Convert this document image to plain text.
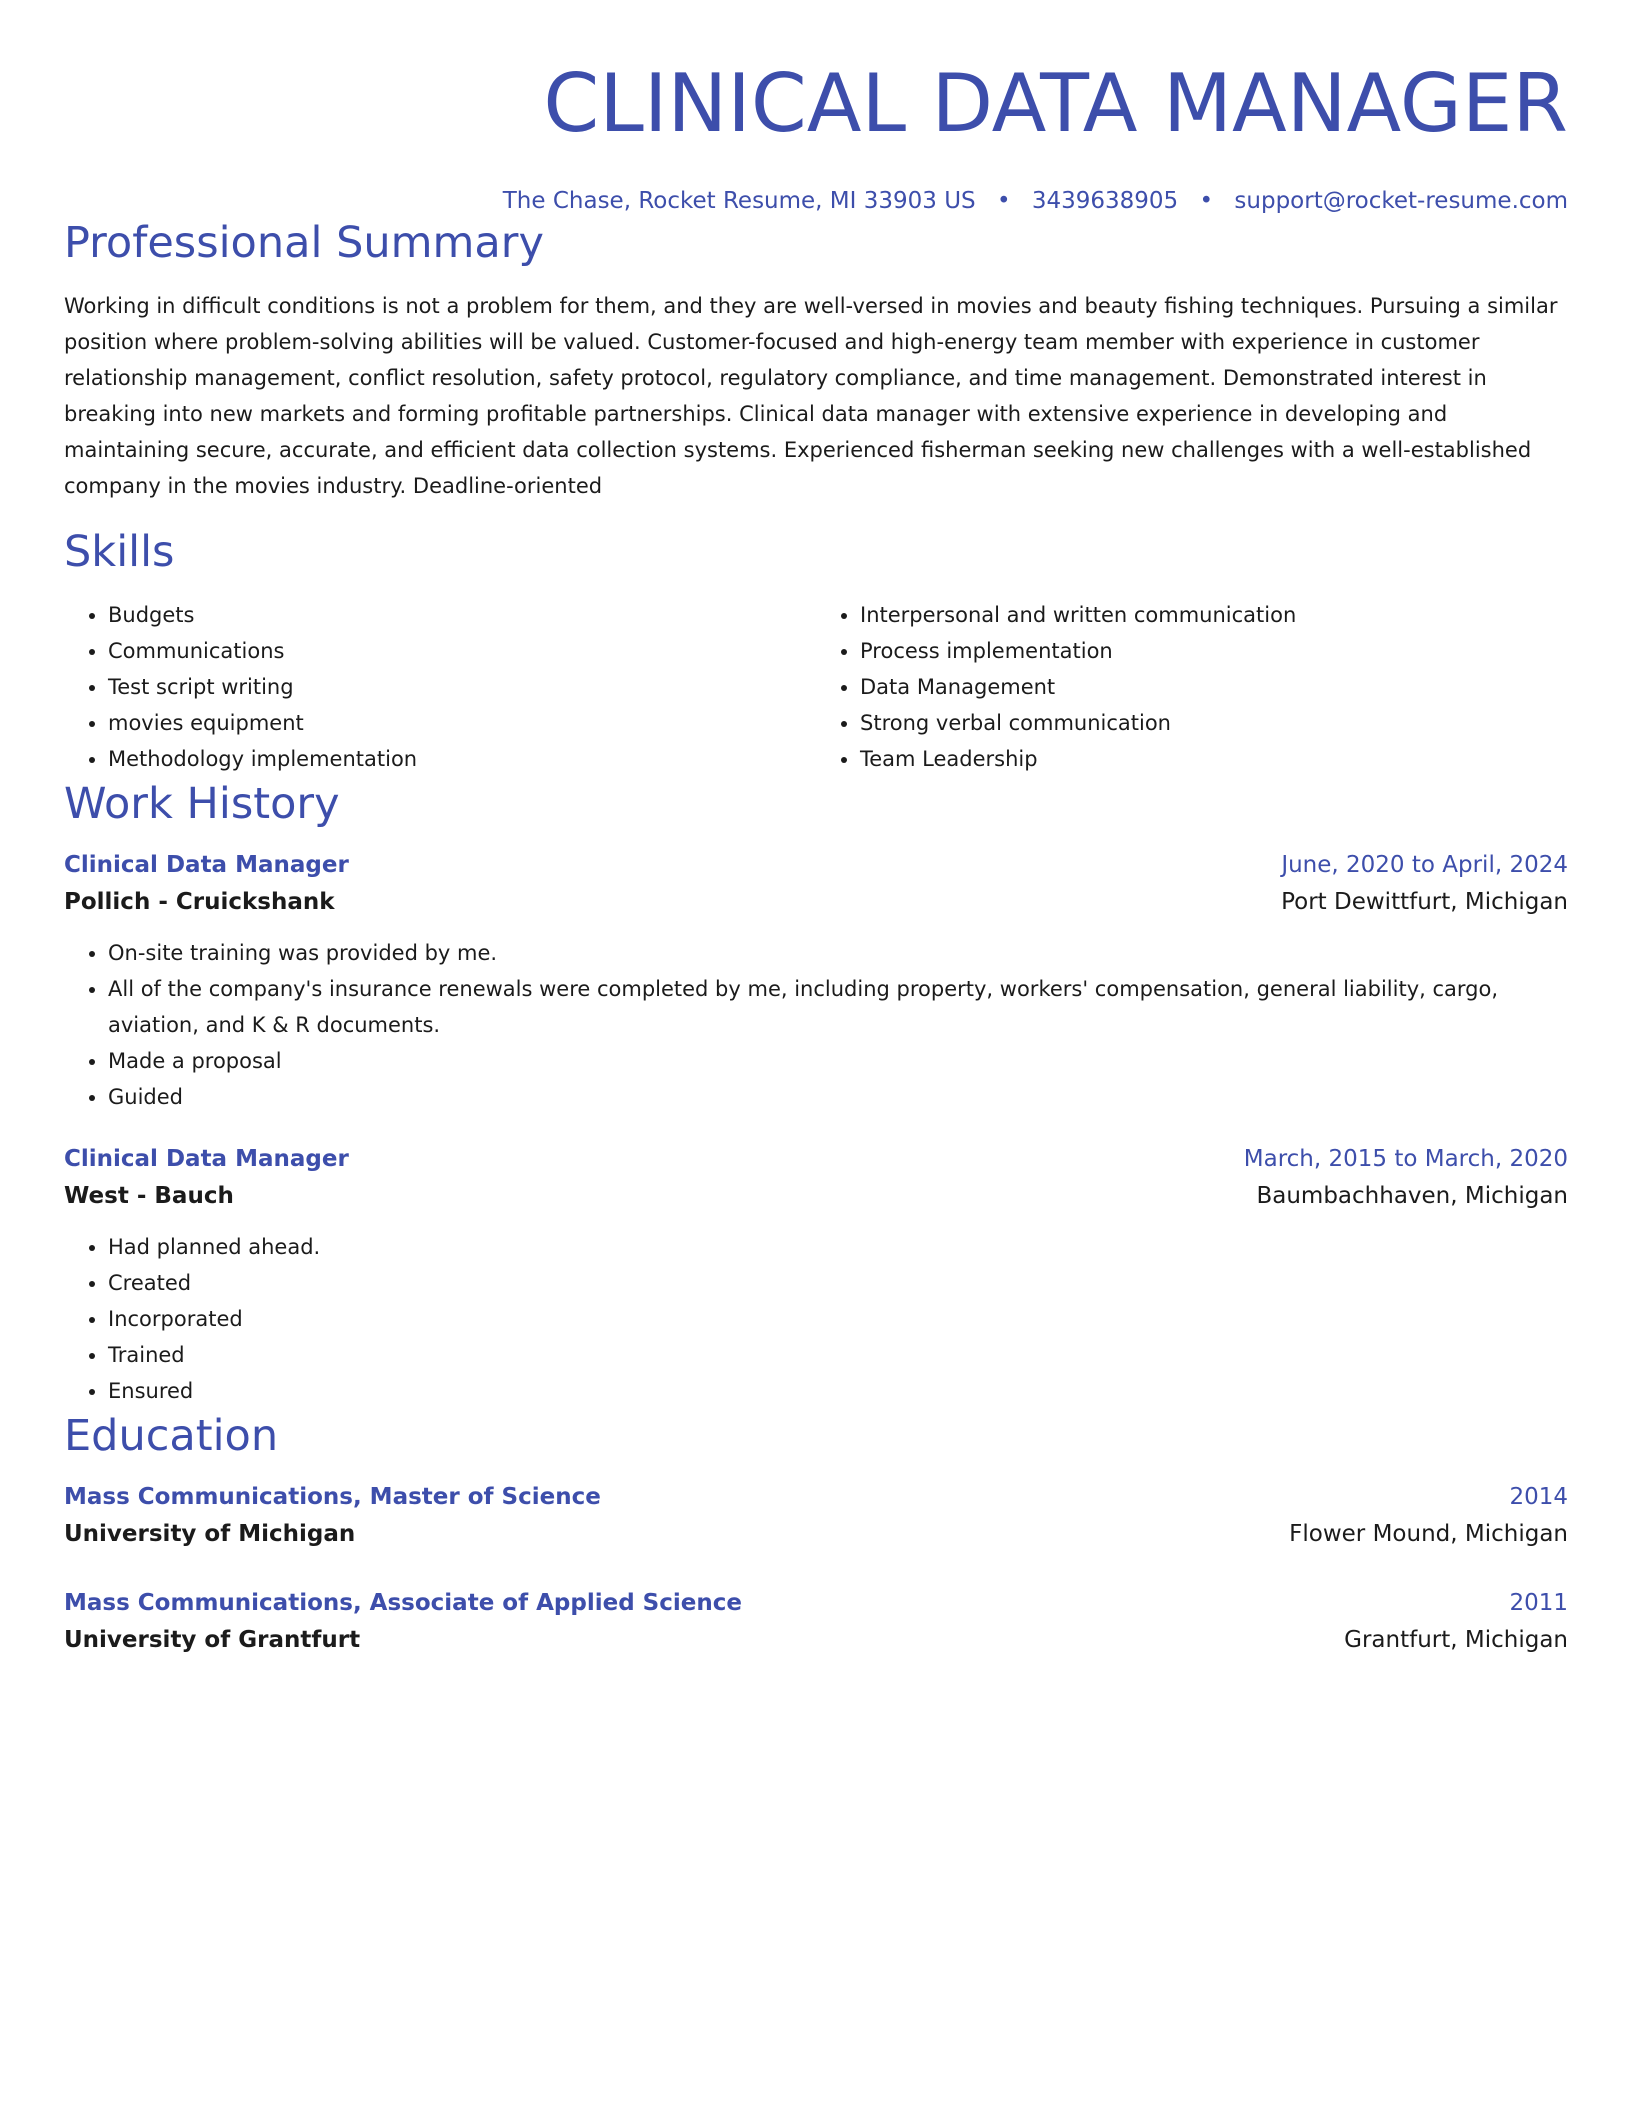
CLINICAL DATA MANAGER
The Chase, Rocket Resume, MI 33903 US • 3439638905 • support@rocket-resume.com
Professional Summary

Working in difficult conditions is not a problem for them, and they are well-versed in movies and beauty fishing techniques. Pursuing a similar position where problem-solving abilities will be valued. Customer-focused and high-energy team member with experience in customer relationship management, conflict resolution, safety protocol, regulatory compliance, and time management. Demonstrated interest in breaking into new markets and forming profitable partnerships. Clinical data manager with extensive experience in developing and maintaining secure, accurate, and efficient data collection systems. Experienced fisherman seeking new challenges with a well-established company in the movies industry. Deadline-oriented

Skills
• Budgets
• Communications
• Test script writing
• movies equipment
• Methodology implementation
• Interpersonal and written communication
• Process implementation
• Data Management
• Strong verbal communication
• Team Leadership
Work History
Clinical Data Manager	June, 2020 to April, 2024
Pollich - Cruickshank	Port Dewittfurt, Michigan
• On-site training was provided by me.
• All of the company's insurance renewals were completed by me, including property, workers' compensation, general liability, cargo, aviation, and K & R documents.
• Made a proposal
• Guided
Clinical Data Manager	March, 2015 to March, 2020
West - Bauch	Baumbachhaven, Michigan
• Had planned ahead.
• Created
• Incorporated
• Trained
• Ensured
Education
Mass Communications, Master of Science	2014
University of Michigan	Flower Mound, Michigan
Mass Communications, Associate of Applied Science	2011
University of Grantfurt	Grantfurt, Michigan
